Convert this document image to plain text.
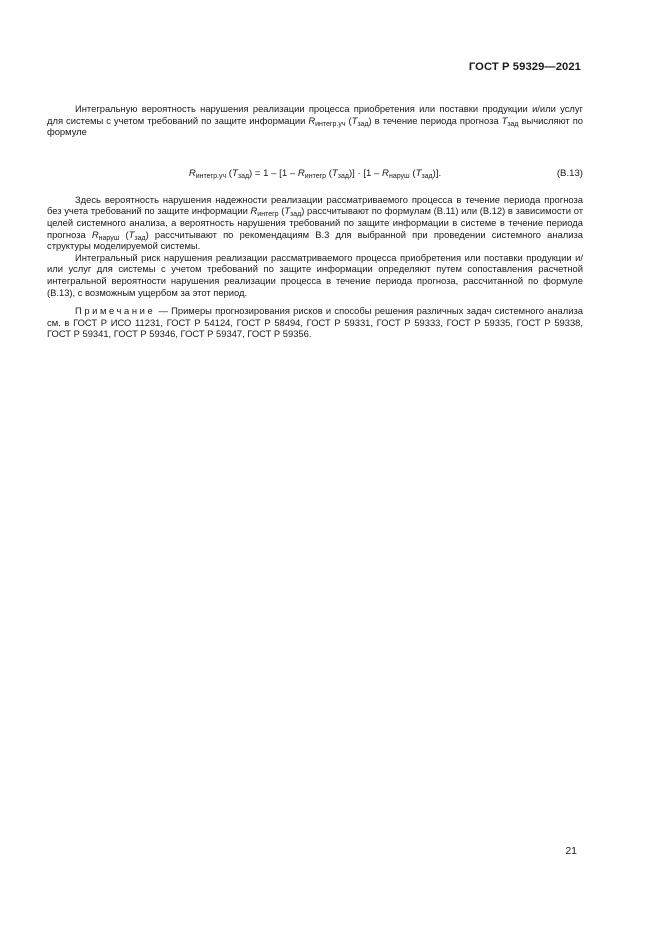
ГОСТ Р 59329—2021

Интегральную вероятность нарушения реализации процесса приобретения или поставки продукции и/или услуг для системы с учетом требований по защите информации $R_{интегр.уч}$ $(T_{зад})$ в течение периода прогноза $T_{зад}$ вычисляют по формуле

$R_{интегр.уч}$ $(T_{зад}) = 1 - [1 - R_{интегр}$ $(T_{зад})] \cdot [1 - R_{наруш}$ $(T_{зад})$].	(В.13)

Здесь вероятность нарушения надежности реализации рассматриваемого процесса в течение периода прогноза без учета требований по защите информации $R_{интегр}$ $(T_{зад})$ рассчитывают по формулам (В.11) или (В.12) в зависимости от целей системного анализа, а вероятность нарушения требований по защите информации в системе в течение периода прогноза $R_{наруш}$ $(T_{зад})$ рассчитывают по рекомендациям В.3 для выбранной при проведении системного анализа структуры моделируемой системы.

Интегральный риск нарушения реализации рассматриваемого процесса приобретения или поставки продукции и/или услуг для системы с учетом требований по защите информации определяют путем сопоставления расчетной интегральной вероятности нарушения реализации процесса в течение периода прогноза, рассчитанной по формуле (В.13), с возможным ущербом за этот период.

Примечание — Примеры прогнозирования рисков и способы решения различных задач системного анализа см. в ГОСТ Р ИСО 11231, ГОСТ Р 54124, ГОСТ Р 58494, ГОСТ Р 59331, ГОСТ Р 59333, ГОСТ Р 59335, ГОСТ Р 59338, ГОСТ Р 59341, ГОСТ Р 59346, ГОСТ Р 59347, ГОСТ Р 59356.

21
